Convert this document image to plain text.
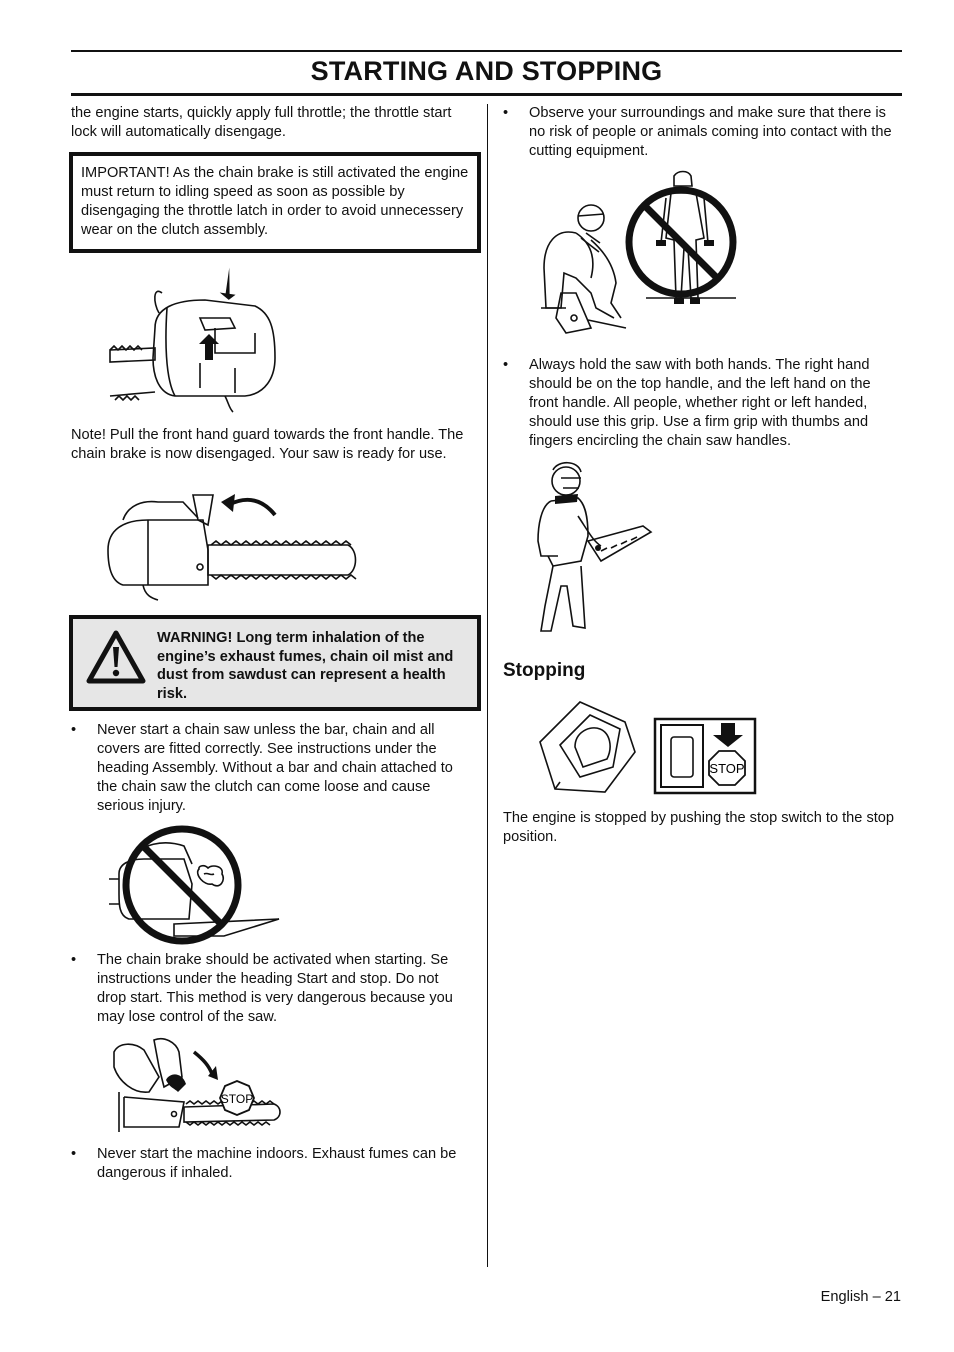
STARTING AND STOPPING

the engine starts, quickly apply full throttle; the throttle start lock will automatically disengage.

IMPORTANT! As the chain brake is still activated the engine must return to idling speed as soon as possible by disengaging the throttle latch in order to avoid unnecessery wear on the clutch assembly.

Note! Pull the front hand guard towards the front handle. The chain brake is now disengaged. Your saw is ready for use.

WARNING! Long term inhalation of the engine’s exhaust fumes, chain oil mist and dust from sawdust can represent a health risk.
• Never start a chain saw unless the bar, chain and all covers are fitted correctly. See instructions under the heading Assembly. Without a bar and chain attached to the chain saw the clutch can come loose and cause serious injury.
• The chain brake should be activated when starting. Se instructions under the heading Start and stop. Do not drop start. This method is very dangerous because you may lose control of the saw.
STOP
• Never start the machine indoors. Exhaust fumes can be dangerous if inhaled.
• Observe your surroundings and make sure that there is no risk of people or animals coming into contact with the cutting equipment.
• Always hold the saw with both hands. The right hand should be on the top handle, and the left hand on the front handle. All people, whether right or left handed, should use this grip. Use a firm grip with thumbs and fingers encircling the chain saw handles.
Stopping
STOP

The engine is stopped by pushing the stop switch to the stop position.

English – 21
